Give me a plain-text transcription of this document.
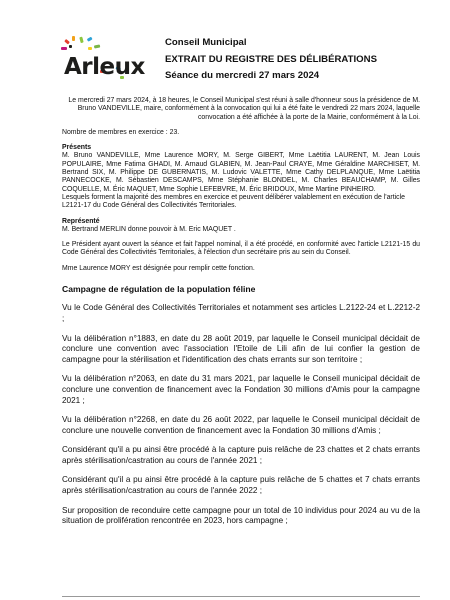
Arleux

Conseil Municipal

EXTRAIT DU REGISTRE DES DÉLIBÉRATIONS

Séance du mercredi 27 mars 2024

Le mercredi 27 mars 2024, à 18 heures, le Conseil Municipal s'est réuni à salle d'honneur sous la présidence de M. Bruno VANDEVILLE, maire, conformément à la convocation qui lui a été faite le vendredi 22 mars 2024, laquelle convocation a été affichée à la porte de la Mairie, conformément à la Loi.

Nombre de membres en exercice : 23.

Présents

M. Bruno VANDEVILLE, Mme Laurence MORY, M. Serge GIBERT, Mme Laëtitia LAURENT, M. Jean Louis POPULAIRE, Mme Fatima GHADI, M. Arnaud GLABIEN, M. Jean-Paul CRAYE, Mme Géraldine MARCHISET, M. Bertrand SIX, M. Philippe DE GUBERNATIS, M. Ludovic VALETTE, Mme Cathy DELPLANQUE, Mme Laëtitia PANNECOCKE, M. Sébastien DESCAMPS, Mme Stéphanie BLONDEL, M. Charles BEAUCHAMP, M. Gilles COQUELLE, M. Éric MAQUET, Mme Sophie LEFEBVRE, M. Éric BRIDOUX, Mme Martine PINHEIRO.

Lesquels forment la majorité des membres en exercice et peuvent délibérer valablement en exécution de l'article L2121-17 du Code Général des Collectivités Territoriales.

Représenté

M. Bertrand MERLIN donne pouvoir à M. Eric MAQUET .

Le Président ayant ouvert la séance et fait l'appel nominal, il a été procédé, en conformité avec l'article L2121-15 du Code Général des Collectivités Territoriales, à l'élection d'un secrétaire pris au sein du Conseil.

Mme Laurence MORY est désignée pour remplir cette fonction.

Campagne de régulation de la population féline

Vu le Code Général des Collectivités Territoriales et notamment ses articles L.2122-24 et L.2212-2 ;

Vu la délibération n°1883, en date du 28 août 2019, par laquelle le Conseil municipal décidait de conclure une convention avec l'association l'Etoile de Lili afin de lui confier la gestion de campagne pour la stérilisation et l'identification des chats errants sur son territoire ;

Vu la délibération n°2063, en date du 31 mars 2021, par laquelle le Conseil municipal décidait de conclure une convention de financement avec la Fondation 30 millions d'Amis pour la campagne 2021 ;

Vu la délibération n°2268, en date du 26 août 2022, par laquelle le Conseil municipal décidait de conclure une nouvelle convention de financement avec la Fondation 30 millions d'Amis ;

Considérant qu'il a pu ainsi être procédé à la capture puis relâche de 23 chattes et 2 chats errants après stérilisation/castration au cours de l'année 2021 ;

Considérant qu'il a pu ainsi être procédé à la capture puis relâche de 5 chattes et 7 chats errants après stérilisation/castration au cours de l'année 2022 ;

Sur proposition de reconduire cette campagne pour un total de 10 individus pour 2024 au vu de la situation de prolifération rencontrée en 2023, hors campagne ;
